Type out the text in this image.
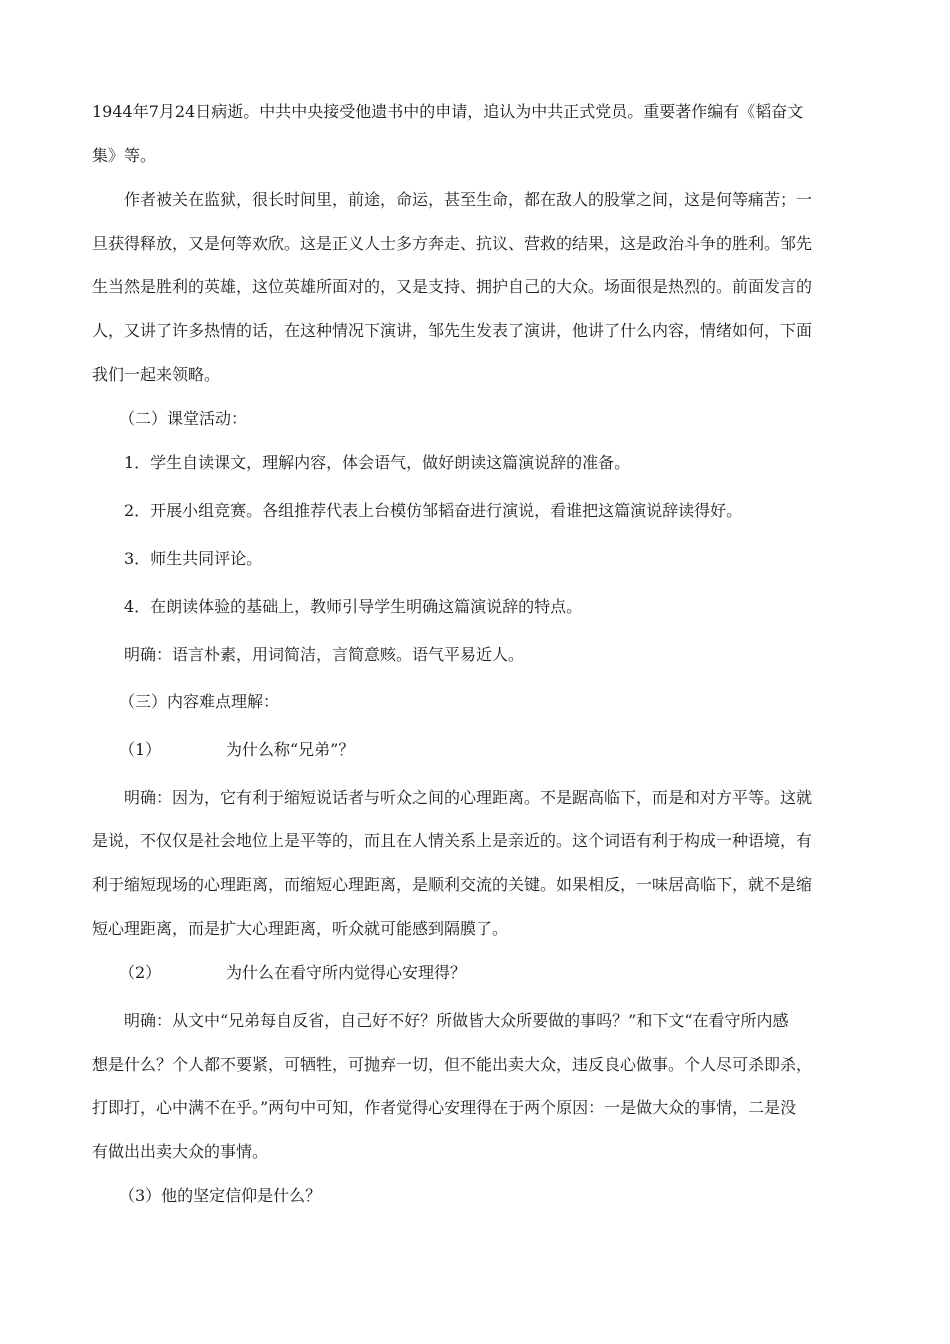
1944年7月24日病逝。中共中央接受他遗书中的申请，追认为中共正式党员。重要著作编有《韬奋文
集》等。
作者被关在监狱，很长时间里，前途，命运，甚至生命，都在敌人的股掌之间，这是何等痛苦；一
旦获得释放，又是何等欢欣。这是正义人士多方奔走、抗议、营救的结果，这是政治斗争的胜利。邹先
生当然是胜利的英雄，这位英雄所面对的，又是支持、拥护自己的大众。场面很是热烈的。前面发言的
人，又讲了许多热情的话，在这种情况下演讲，邹先生发表了演讲，他讲了什么内容，情绪如何，下面
我们一起来领略。
（二）课堂活动：
1．学生自读课文，理解内容，体会语气，做好朗读这篇演说辞的准备。
2．开展小组竞赛。各组推荐代表上台模仿邹韬奋进行演说，看谁把这篇演说辞读得好。
3．师生共同评论。
4．在朗读体验的基础上，教师引导学生明确这篇演说辞的特点。
明确：语言朴素，用词简洁，言简意赅。语气平易近人。
（三）内容难点理解：
（1）	为什么称“兄弟”？
明确：因为，它有利于缩短说话者与听众之间的心理距离。不是踞高临下，而是和对方平等。这就
是说，不仅仅是社会地位上是平等的，而且在人情关系上是亲近的。这个词语有利于构成一种语境，有
利于缩短现场的心理距离，而缩短心理距离，是顺利交流的关键。如果相反，一味居高临下，就不是缩
短心理距离，而是扩大心理距离，听众就可能感到隔膜了。
（2）	为什么在看守所内觉得心安理得？
明确：从文中“兄弟每自反省，自己好不好？所做皆大众所要做的事吗？”和下文“在看守所内感
想是什么？个人都不要紧，可牺牲，可抛弃一切，但不能出卖大众，违反良心做事。个人尽可杀即杀，
打即打，心中满不在乎。”两句中可知，作者觉得心安理得在于两个原因：一是做大众的事情，二是没
有做出出卖大众的事情。
（3）他的坚定信仰是什么？
